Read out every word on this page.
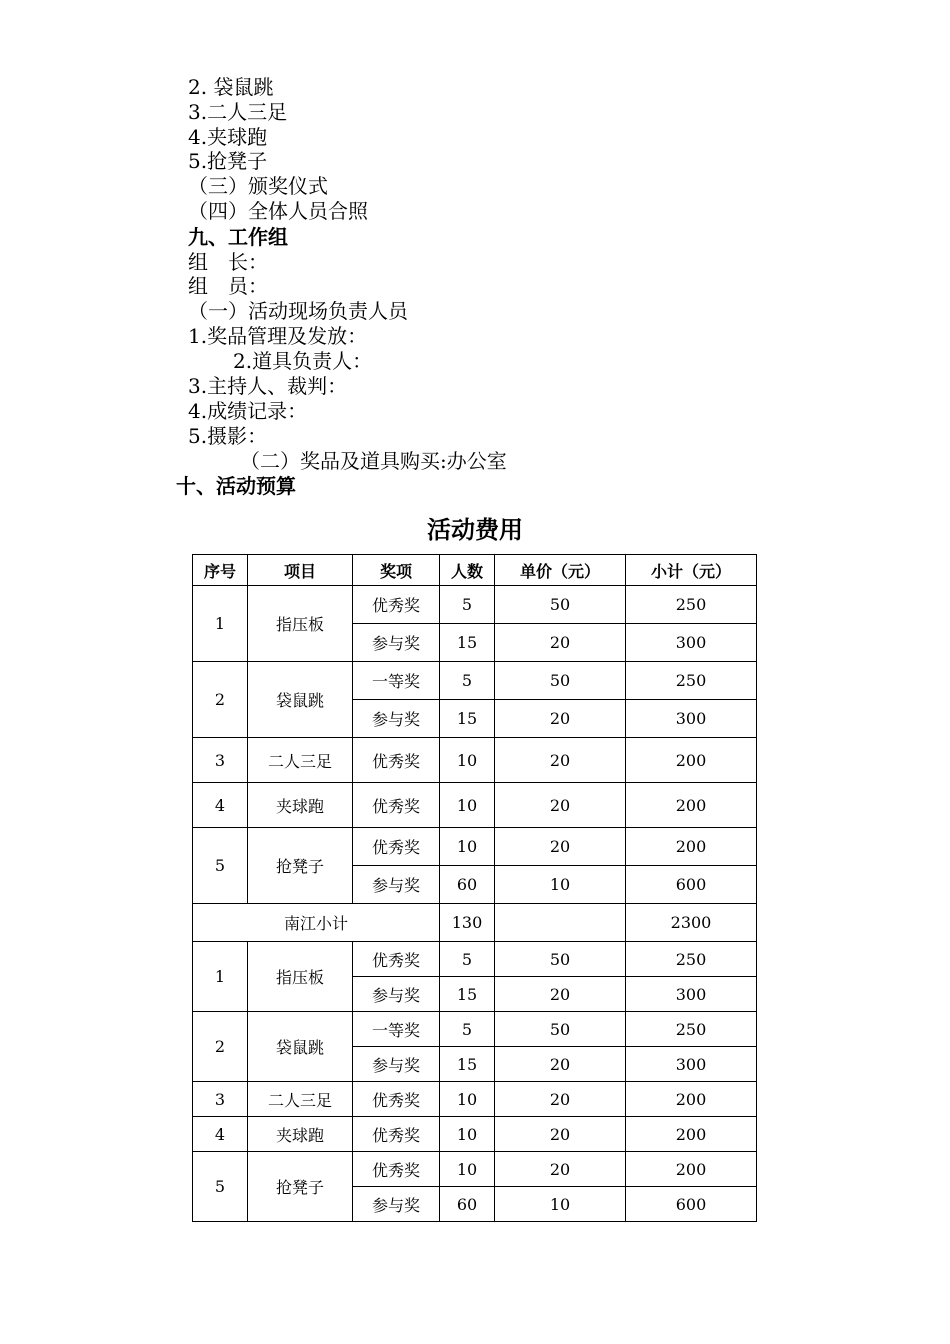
2. 袋鼠跳
3.二人三足
4.夹球跑
5.抢凳子
（三）颁奖仪式
（四）全体人员合照
九、工作组
组　长：
组　员：
（一）活动现场负责人员
1.奖品管理及发放：
2.道具负责人：
3.主持人、裁判：
4.成绩记录：
5.摄影：
（二）奖品及道具购买:办公室
十、活动预算
活动费用
序号	项目	奖项	人数	单价（元）	小计（元）
1	指压板	优秀奖	5	50	250
		参与奖	15	20	300
2	袋鼠跳	一等奖	5	50	250
		参与奖	15	20	300
3	二人三足	优秀奖	10	20	200
4	夹球跑	优秀奖	10	20	200
5	抢凳子	优秀奖	10	20	200
		参与奖	60	10	600
南江小计			130		2300
1	指压板	优秀奖	5	50	250
		参与奖	15	20	300
2	袋鼠跳	一等奖	5	50	250
		参与奖	15	20	300
3	二人三足	优秀奖	10	20	200
4	夹球跑	优秀奖	10	20	200
5	抢凳子	优秀奖	10	20	200
		参与奖	60	10	600
